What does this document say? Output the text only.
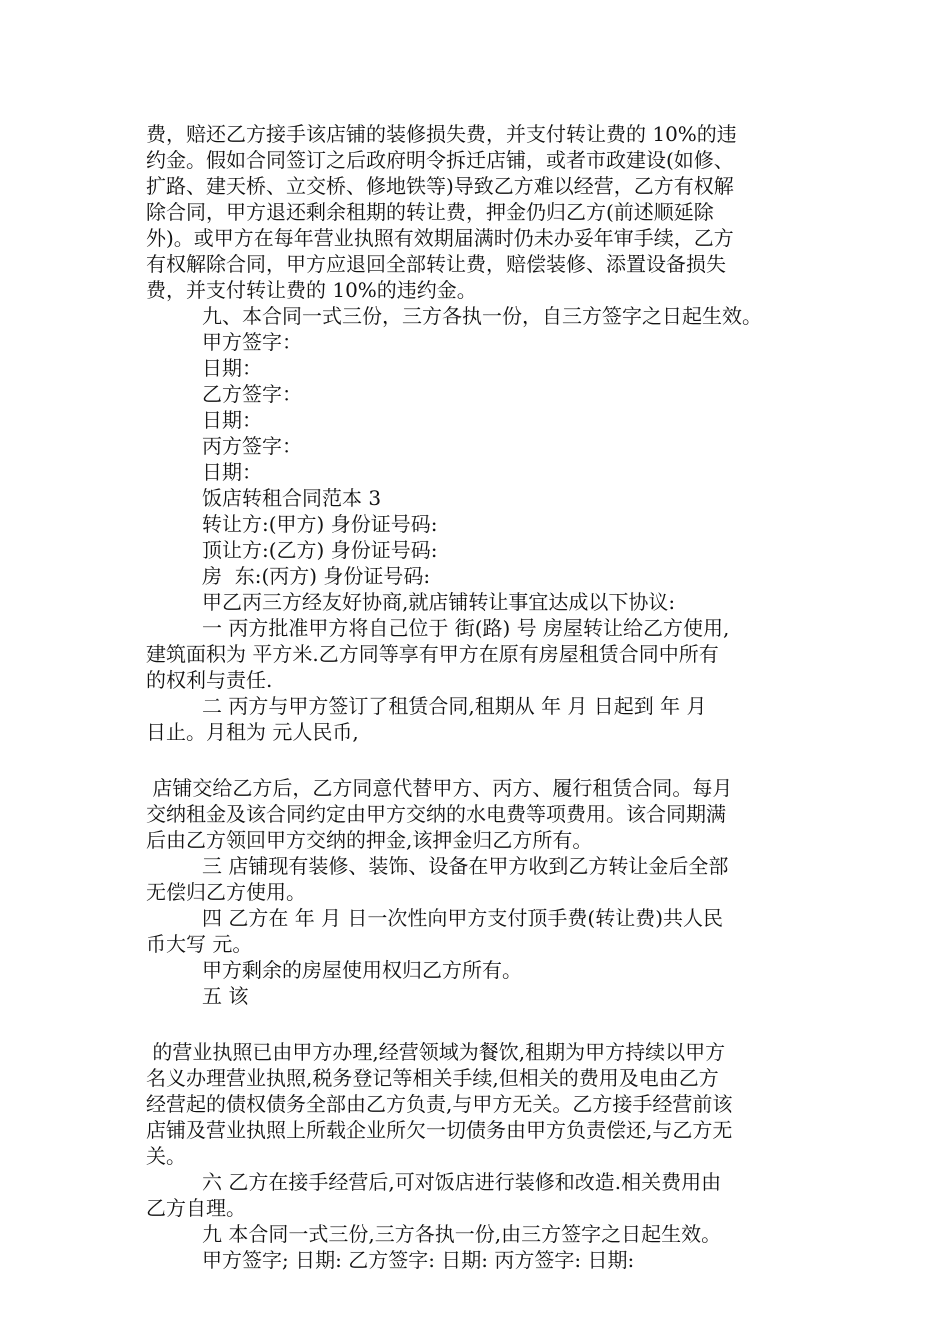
费，赔还乙方接手该店铺的装修损失费，并支付转让费的 10%的违
约金。假如合同签订之后政府明令拆迁店铺，或者市政建设(如修、
扩路、建天桥、立交桥、修地铁等)导致乙方难以经营，乙方有权解
除合同，甲方退还剩余租期的转让费，押金仍归乙方(前述顺延除
外)。或甲方在每年营业执照有效期届满时仍未办妥年审手续，乙方
有权解除合同，甲方应退回全部转让费，赔偿装修、添置设备损失
费，并支付转让费的 10%的违约金。
九、本合同一式三份，三方各执一份，自三方签字之日起生效。
甲方签字：
日期：
乙方签字：
日期：
丙方签字：
日期：
饭店转租合同范本 3
转让方:(甲方) 身份证号码:
顶让方:(乙方) 身份证号码:
房  东:(丙方) 身份证号码:
甲乙丙三方经友好协商,就店铺转让事宜达成以下协议:
一 丙方批准甲方将自己位于 街(路) 号 房屋转让给乙方使用,
建筑面积为 平方米.乙方同等享有甲方在原有房屋租赁合同中所有
的权利与责任.
二 丙方与甲方签订了租赁合同,租期从 年 月 日起到 年 月
日止。月租为 元人民币,
店铺交给乙方后，乙方同意代替甲方、丙方、履行租赁合同。每月
交纳租金及该合同约定由甲方交纳的水电费等项费用。该合同期满
后由乙方领回甲方交纳的押金,该押金归乙方所有。
三 店铺现有装修、装饰、设备在甲方收到乙方转让金后全部
无偿归乙方使用。
四 乙方在 年 月 日一次性向甲方支付顶手费(转让费)共人民
币大写 元。
甲方剩余的房屋使用权归乙方所有。
五 该
的营业执照已由甲方办理,经营领域为餐饮,租期为甲方持续以甲方
名义办理营业执照,税务登记等相关手续,但相关的费用及电由乙方
经营起的债权债务全部由乙方负责,与甲方无关。乙方接手经营前该
店铺及营业执照上所载企业所欠一切债务由甲方负责偿还,与乙方无
关。
六 乙方在接手经营后,可对饭店进行装修和改造.相关费用由
乙方自理。
九 本合同一式三份,三方各执一份,由三方签字之日起生效。
甲方签字; 日期: 乙方签字: 日期: 丙方签字: 日期:
